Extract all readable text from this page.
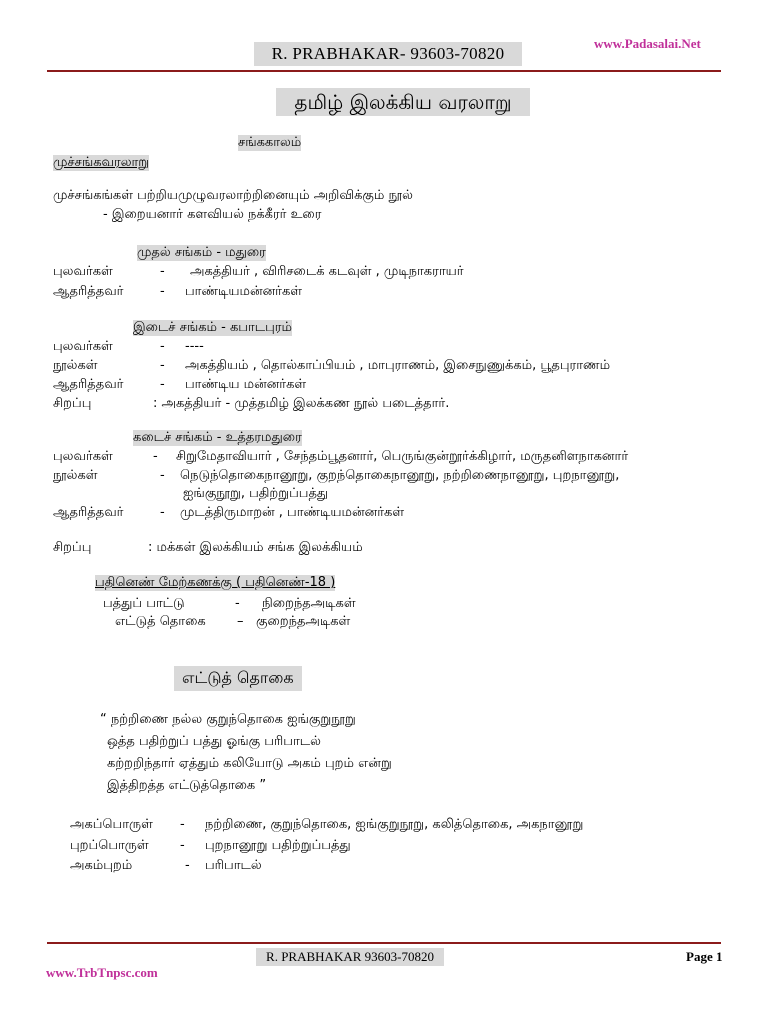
R. PRABHAKAR- 93603-70820
www.Padasalai.Net
தமிழ் இலக்கிய வரலாறு
சங்ககாலம்
முச்சங்கவரலாறு
முச்சங்கங்கள் பற்றியமுழுவரலாற்றினையும் அறிவிக்கும் நூல்
- இறையனார் களவியல் நக்கீரர் உரை
முதல் சங்கம் - மதுரை
புலவர்கள்	- அகத்தியர் , விரிசடைக் கடவுள் , முடிநாகராயர்
ஆதரித்தவர்	- பாண்டியமன்னர்கள்
இடைச் சங்கம் - கபாடபுரம்
புலவர்கள்	- ----
நூல்கள்	- அகத்தியம் , தொல்காப்பியம் , மாபுராணம், இசைநுணுக்கம், பூதபுராணம்
ஆதரித்தவர்	- பாண்டிய மன்னர்கள்
சிறப்பு	: அகத்தியர் - முத்தமிழ் இலக்கண நூல் படைத்தார்.
கடைச் சங்கம் - உத்தரமதுரை
புலவர்கள்	- சிறுமேதாவியார் , சேந்தம்பூதனார், பெருங்குன்றூர்க்கிழார், மருதனிளநாகனார்
நூல்கள்	- நெடுந்தொகைநானூறு, குறந்தொகைநானூறு, நற்றிணைநானூறு, புறநானூறு,
ஐங்குநூறு, பதிற்றுப்பத்து
ஆதரித்தவர்	- முடத்திருமாறன் , பாண்டியமன்னர்கள்
சிறப்பு	: மக்கள் இலக்கியம் சங்க இலக்கியம்
பதினெண் மேற்கணக்கு ( பதினெண்-18 )
பத்துப் பாட்டு	- நிறைந்தஅடிகள்
எட்டுத் தொகை – குறைந்தஅடிகள்
எட்டுத் தொகை
“ நற்றிணை நல்ல குறுந்தொகை ஐங்குறுநூறு
ஒத்த பதிற்றுப் பத்து ஓங்கு பரிபாடல்
கற்றறிந்தார் ஏத்தும் கலியோடு அகம் புறம் என்று
இத்திறத்த எட்டுத்தொகை ”
அகப்பொருள் - நற்றிணை, குறுந்தொகை, ஐங்குறுநூறு, கலித்தொகை, அகநானூறு
புறப்பொருள் - புறநானூறு பதிற்றுப்பத்து
அகம்புறம்	- பரிபாடல்
R. PRABHAKAR 93603-70820	Page 1
www.TrbTnpsc.com
